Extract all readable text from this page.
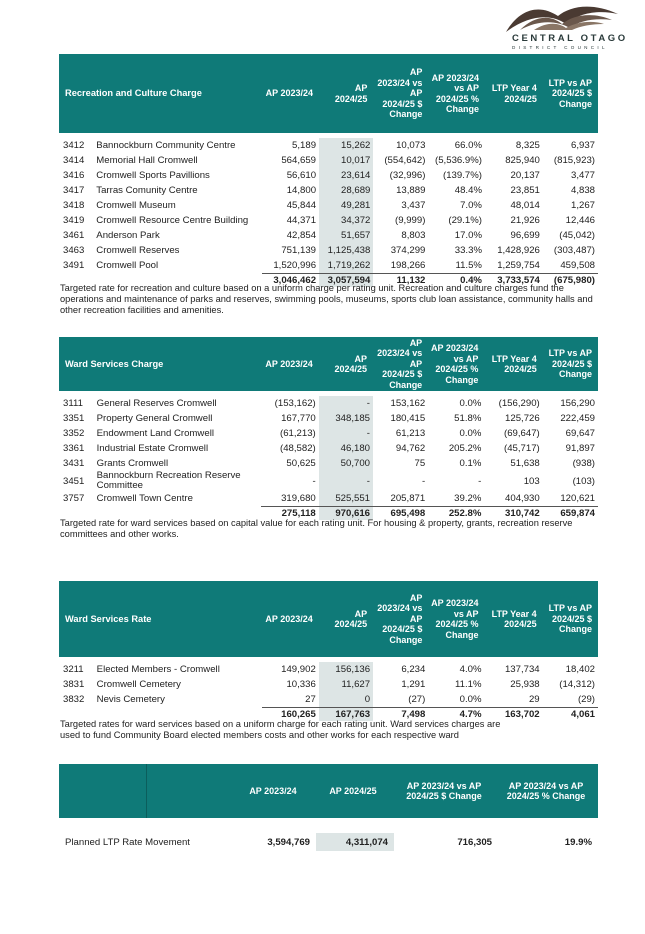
CENTRAL OTAGO
DISTRICT COUNCIL
Recreation and Culture Charge		AP 2023/24	AP 2024/25	AP 2023/24 vs AP 2024/25 $ Change	AP 2023/24 vs AP 2024/25 % Change	LTP Year 4 2024/25	LTP vs AP 2024/25 $ Change

3412	Bannockburn Community Centre	5,189	15,262	10,073	66.0%	8,325	6,937
3414	Memorial Hall Cromwell	564,659	10,017	(554,642)	(5,536.9%)	825,940	(815,923)
3416	Cromwell Sports Pavillions	56,610	23,614	(32,996)	(139.7%)	20,137	3,477
3417	Tarras Comunity Centre	14,800	28,689	13,889	48.4%	23,851	4,838
3418	Cromwell Museum	45,844	49,281	3,437	7.0%	48,014	1,267
3419	Cromwell Resource Centre Building	44,371	34,372	(9,999)	(29.1%)	21,926	12,446
3461	Anderson Park	42,854	51,657	8,803	17.0%	96,699	(45,042)
3463	Cromwell Reserves	751,139	1,125,438	374,299	33.3%	1,428,926	(303,487)
3491	Cromwell Pool	1,520,996	1,719,262	198,266	11.5%	1,259,754	459,508
		3,046,462	3,057,594	11,132	0.4%	3,733,574	(675,980)
Targeted rate for recreation and culture based on a uniform charge per rating unit. Recreation and culture charges fund the operations and maintenance of parks and reserves, swimming pools, museums, sports club loan assistance, community halls and other recreation facilities and amenities.
Ward Services Charge		AP 2023/24	AP 2024/25	AP 2023/24 vs AP 2024/25 $ Change	AP 2023/24 vs AP 2024/25 % Change	LTP Year 4 2024/25	LTP vs AP 2024/25 $ Change

3111	General Reserves Cromwell	(153,162)	-	153,162	0.0%	(156,290)	156,290
3351	Property General Cromwell	167,770	348,185	180,415	51.8%	125,726	222,459
3352	Endowment Land Cromwell	(61,213)	-	61,213	0.0%	(69,647)	69,647
3361	Industrial Estate Cromwell	(48,582)	46,180	94,762	205.2%	(45,717)	91,897
3431	Grants Cromwell	50,625	50,700	75	0.1%	51,638	(938)
3451	Bannockburn Recreation Reserve Committee	-	-	-	-	103	(103)
3757	Cromwell Town Centre	319,680	525,551	205,871	39.2%	404,930	120,621
		275,118	970,616	695,498	252.8%	310,742	659,874
Targeted rate for ward services based on capital value for each rating unit. For housing & property, grants, recreation reserve committees and other works.
Ward Services Rate		AP 2023/24	AP 2024/25	AP 2023/24 vs AP 2024/25 $ Change	AP 2023/24 vs AP 2024/25 % Change	LTP Year 4 2024/25	LTP vs AP 2024/25 $ Change

3211	Elected Members - Cromwell	149,902	156,136	6,234	4.0%	137,734	18,402
3831	Cromwell Cemetery	10,336	11,627	1,291	11.1%	25,938	(14,312)
3832	Nevis Cemetery	27	0	(27)	0.0%	29	(29)
		160,265	167,763	7,498	4.7%	163,702	4,061
Targeted rates for ward services based on a uniform charge for each rating unit. Ward services charges are used to fund Community Board elected members costs and other works for each respective ward
		AP 2023/24	AP 2024/25	AP 2023/24 vs AP 2024/25 $ Change	AP 2023/24 vs AP 2024/25 % Change

Planned LTP Rate Movement		3,594,769	4,311,074	716,305	19.9%
